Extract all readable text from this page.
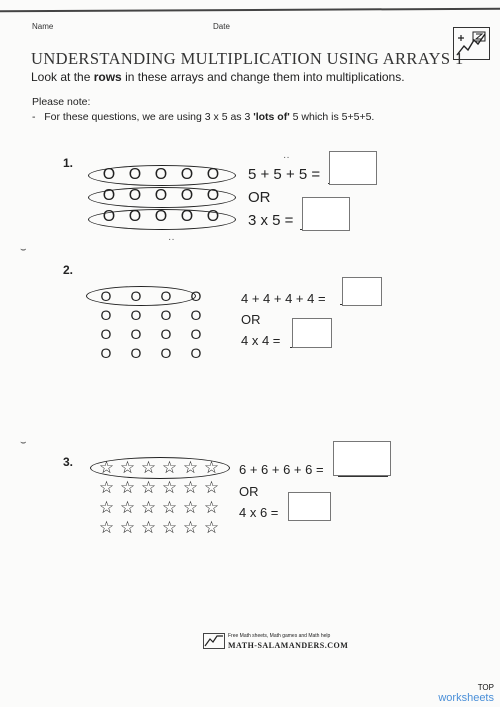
Name	Date
UNDERSTANDING MULTIPLICATION USING ARRAYS 1
Look at the rows in these arrays and change them into multiplications.
Please note:
- For these questions, we are using 3 x 5 as 3 'lots of' 5 which is 5+5+5.
1.
O O O O O
O O O O O
O O O O O
5 + 5 + 5 =
OR
3 x 5 =
2.
O	O	O	O
O	O	O	O
O	O	O	O
O	O	O	O
4 + 4 + 4 + 4 =
OR
4 x 4 =
3. ☆ ☆ ☆ ☆ ☆ ☆
☆ ☆ ☆ ☆ ☆ ☆
☆ ☆ ☆ ☆ ☆ ☆
☆ ☆ ☆ ☆ ☆ ☆
6 + 6 + 6 + 6 =
OR
4 x 6 =
⌣
⌣
··
··
Free Math sheets, Math games and Math help
MATH-SALAMANDERS.COM
TOP
worksheets
